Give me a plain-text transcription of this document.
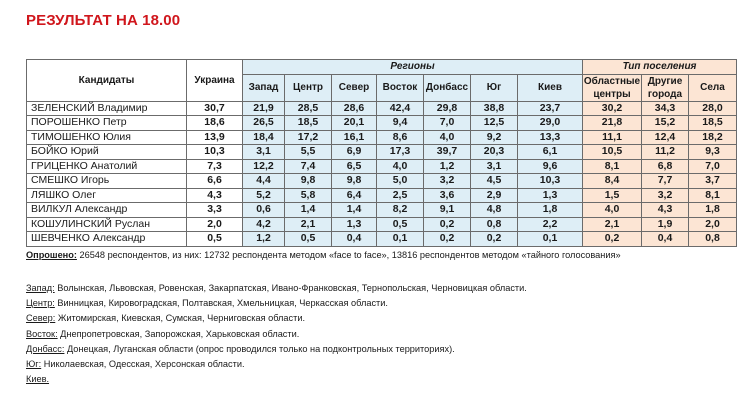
РЕЗУЛЬТАТ НА 18.00
Кандидаты	Украина	Регионы							Тип поселения		
		Запад	Центр	Север	Восток	Донбасс	Юг	Киев	Областные центры	Другие города	Села
ЗЕЛЕНСКИЙ Владимир	30,7	21,9	28,5	28,6	42,4	29,8	38,8	23,7	30,2	34,3	28,0
ПОРОШЕНКО Петр	18,6	26,5	18,5	20,1	9,4	7,0	12,5	29,0	21,8	15,2	18,5
ТИМОШЕНКО Юлия	13,9	18,4	17,2	16,1	8,6	4,0	9,2	13,3	11,1	12,4	18,2
БОЙКО Юрий	10,3	3,1	5,5	6,9	17,3	39,7	20,3	6,1	10,5	11,2	9,3
ГРИЦЕНКО Анатолий	7,3	12,2	7,4	6,5	4,0	1,2	3,1	9,6	8,1	6,8	7,0
СМЕШКО Игорь	6,6	4,4	9,8	9,8	5,0	3,2	4,5	10,3	8,4	7,7	3,7
ЛЯШКО Олег	4,3	5,2	5,8	6,4	2,5	3,6	2,9	1,3	1,5	3,2	8,1
ВИЛКУЛ Александр	3,3	0,6	1,4	1,4	8,2	9,1	4,8	1,8	4,0	4,3	1,8
КОШУЛИНСКИЙ Руслан	2,0	4,2	2,1	1,3	0,5	0,2	0,8	2,2	2,1	1,9	2,0
ШЕВЧЕНКО Александр	0,5	1,2	0,5	0,4	0,1	0,2	0,2	0,1	0,2	0,4	0,8
Опрошено: 26548 респондентов, из них: 12732 респондента методом «face to face», 13816 респондентов методом «тайного голосования»
Запад: Волынская, Львовская, Ровенская, Закарпатская, Ивано-Франковская, Тернопольская, Черновицкая области.
Центр: Винницкая, Кировоградская, Полтавская, Хмельницкая, Черкасская области.
Север: Житомирская, Киевская, Сумская, Черниговская области.
Восток: Днепропетровская, Запорожская, Харьковская области.
Донбасс: Донецкая, Луганская области (опрос проводился только на подконтрольных территориях).
Юг: Николаевская, Одесская, Херсонская области.
Киев.
